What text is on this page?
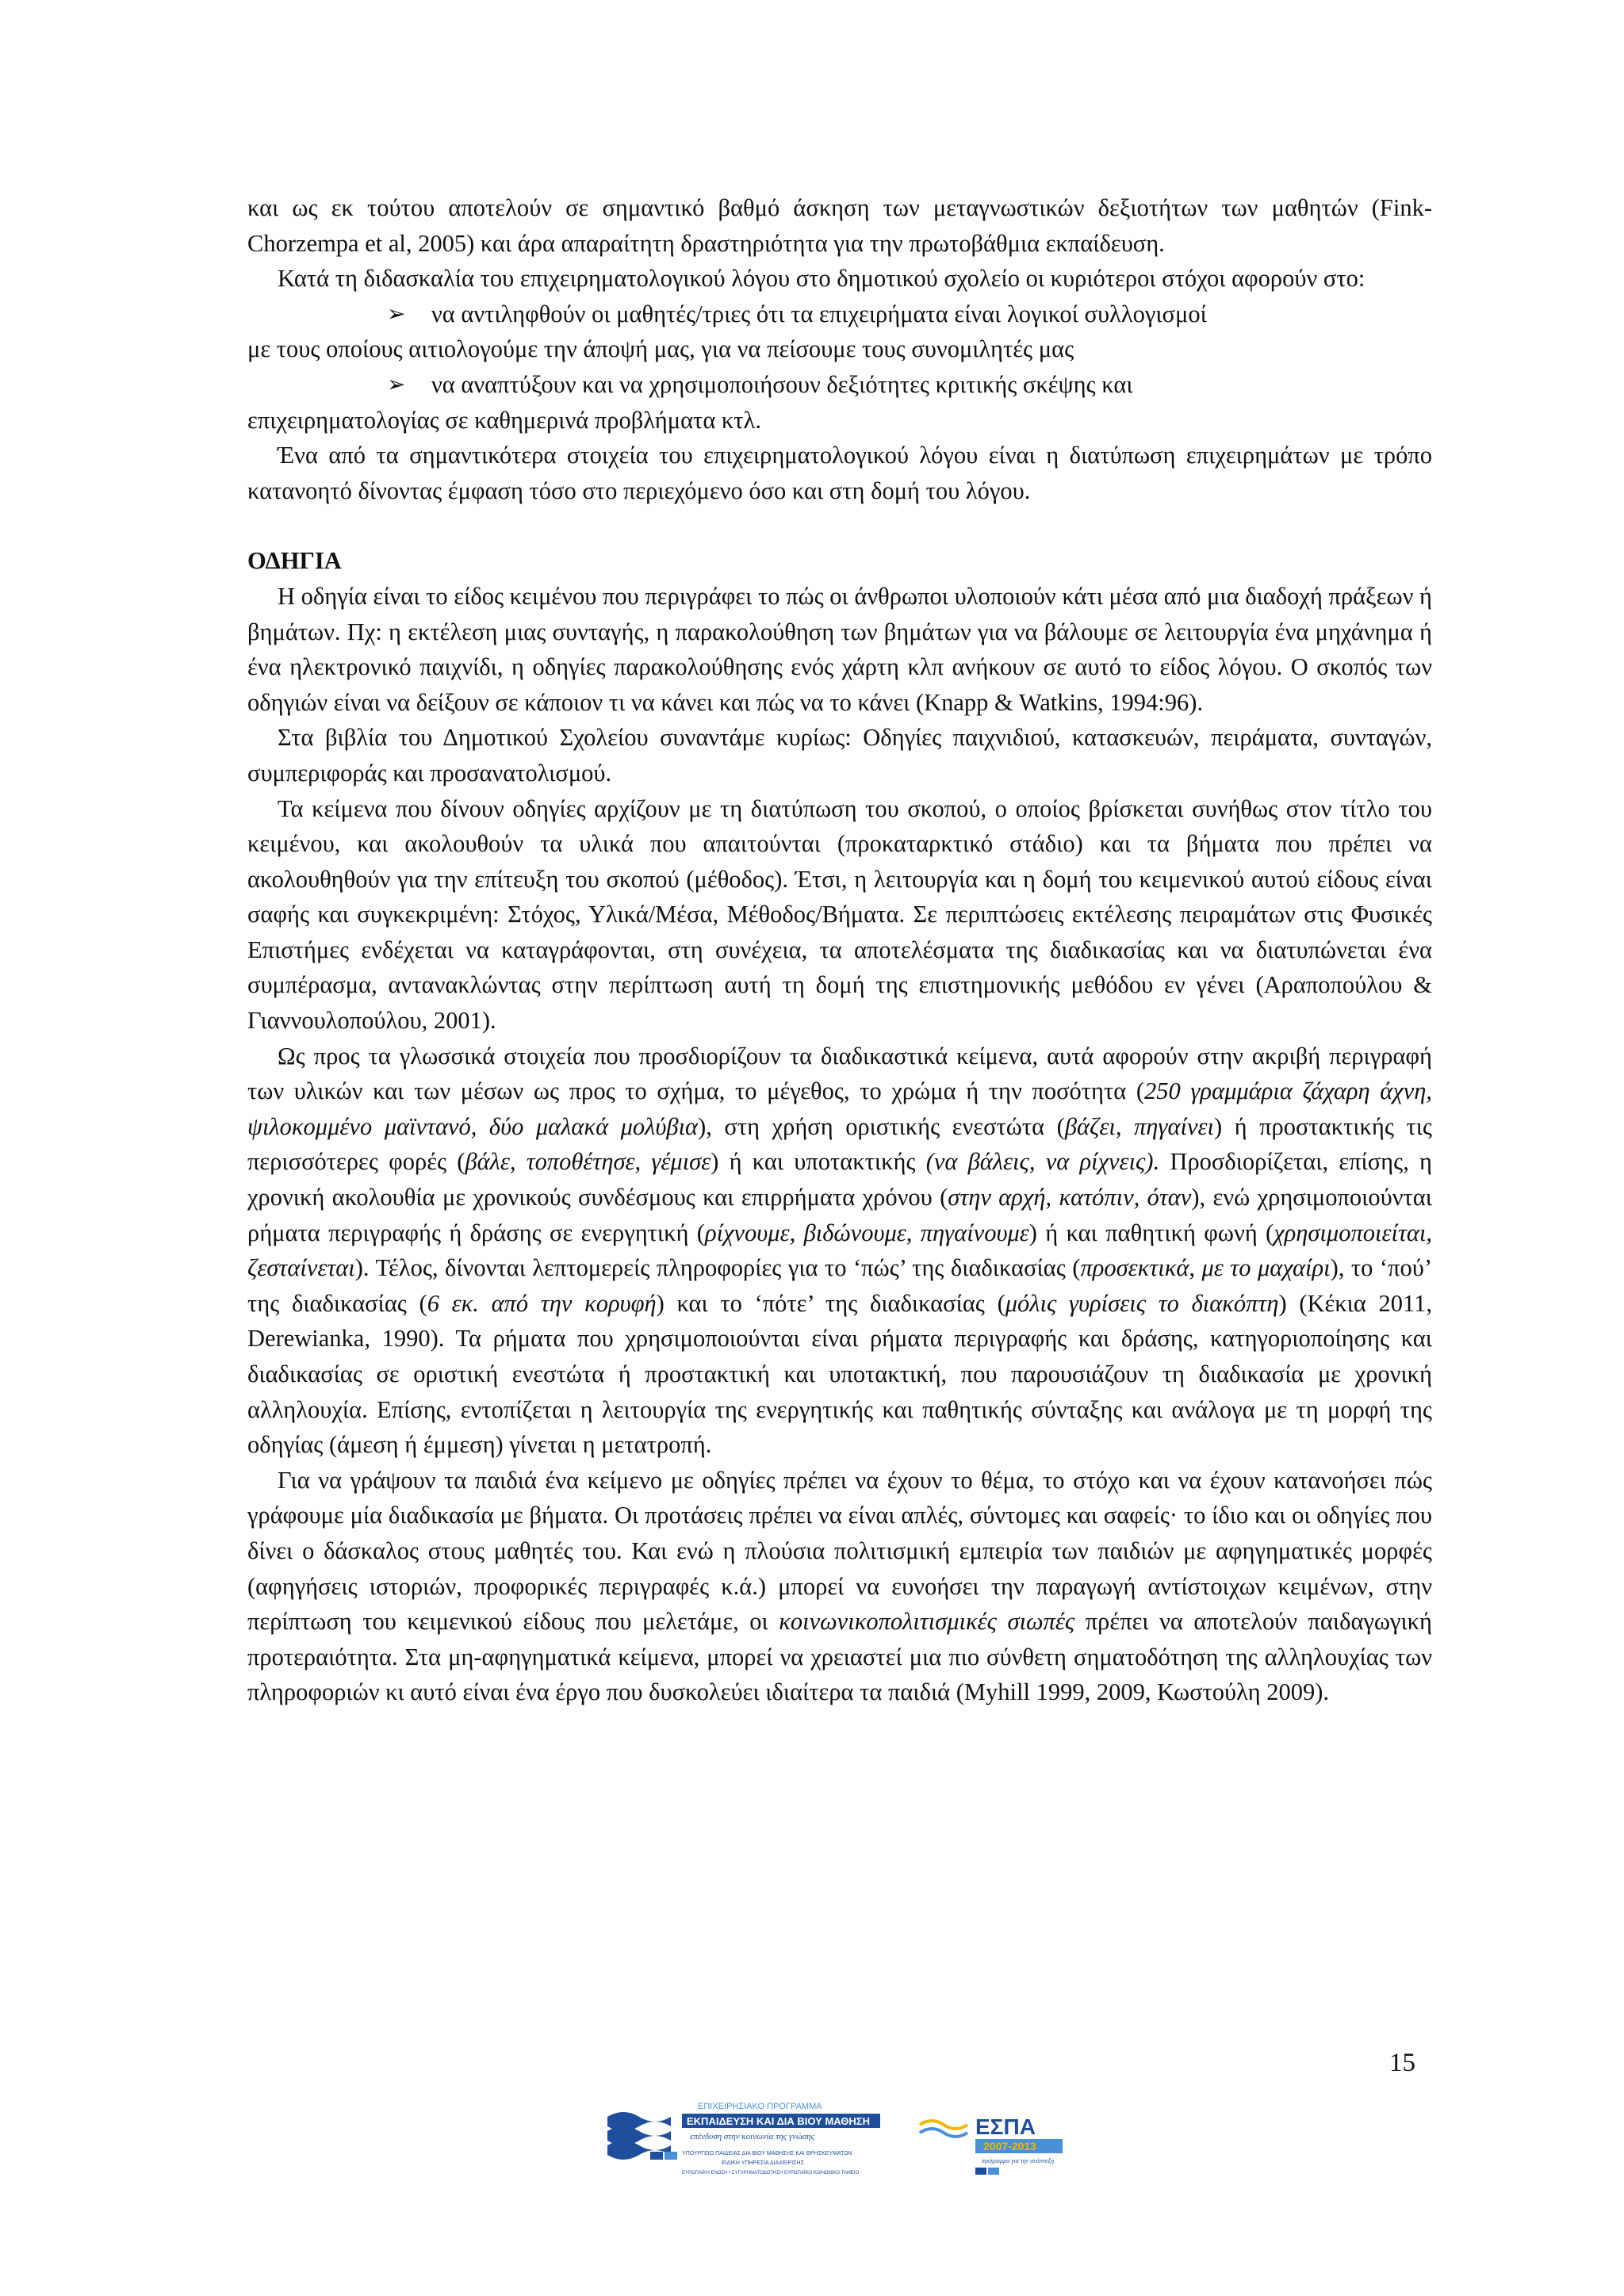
και ως εκ τούτου αποτελούν σε σημαντικό βαθμό άσκηση των μεταγνωστικών δεξιοτήτων των μαθητών (Fink-Chorzempa et al, 2005) και άρα απαραίτητη δραστηριότητα για την πρωτοβάθμια εκπαίδευση.

Κατά τη διδασκαλία του επιχειρηματολογικού λόγου στο δημοτικού σχολείο οι κυριότεροι στόχοι αφορούν στο:

➢	να αντιληφθούν οι μαθητές/τριες ότι τα επιχειρήματα είναι λογικοί συλλογισμοί

με τους οποίους αιτιολογούμε την άποψή μας, για να πείσουμε τους συνομιλητές μας

➢	να αναπτύξουν και να χρησιμοποιήσουν δεξιότητες κριτικής σκέψης και

επιχειρηματολογίας σε καθημερινά προβλήματα κτλ.

Ένα από τα σημαντικότερα στοιχεία του επιχειρηματολογικού λόγου είναι η διατύπωση επιχειρημάτων με τρόπο κατανοητό δίνοντας έμφαση τόσο στο περιεχόμενο όσο και στη δομή του λόγου.

ΟΔΗΓΙΑ

Η οδηγία είναι το είδος κειμένου που περιγράφει το πώς οι άνθρωποι υλοποιούν κάτι μέσα από μια διαδοχή πράξεων ή βημάτων. Πχ: η εκτέλεση μιας συνταγής, η παρακολούθηση των βημάτων για να βάλουμε σε λειτουργία ένα μηχάνημα ή ένα ηλεκτρονικό παιχνίδι, η οδηγίες παρακολούθησης ενός χάρτη κλπ ανήκουν σε αυτό το είδος λόγου. Ο σκοπός των οδηγιών είναι να δείξουν σε κάποιον τι να κάνει και πώς να το κάνει (Knapp & Watkins, 1994:96).

Στα βιβλία του Δημοτικού Σχολείου συναντάμε κυρίως: Οδηγίες παιχνιδιού, κατασκευών, πειράματα, συνταγών, συμπεριφοράς και προσανατολισμού.

Τα κείμενα που δίνουν οδηγίες αρχίζουν με τη διατύπωση του σκοπού, ο οποίος βρίσκεται συνήθως στον τίτλο του κειμένου, και ακολουθούν τα υλικά που απαιτούνται (προκαταρκτικό στάδιο) και τα βήματα που πρέπει να ακολουθηθούν για την επίτευξη του σκοπού (μέθοδος). Έτσι, η λειτουργία και η δομή του κειμενικού αυτού είδους είναι σαφής και συγκεκριμένη: Στόχος, Υλικά/Μέσα, Μέθοδος/Βήματα. Σε περιπτώσεις εκτέλεσης πειραμάτων στις Φυσικές Επιστήμες ενδέχεται να καταγράφονται, στη συνέχεια, τα αποτελέσματα της διαδικασίας και να διατυπώνεται ένα συμπέρασμα, αντανακλώντας στην περίπτωση αυτή τη δομή της επιστημονικής μεθόδου εν γένει (Αραποπούλου & Γιαννουλοπούλου, 2001).

Ως προς τα γλωσσικά στοιχεία που προσδιορίζουν τα διαδικαστικά κείμενα, αυτά αφορούν στην ακριβή περιγραφή των υλικών και των μέσων ως προς το σχήμα, το μέγεθος, το χρώμα ή την ποσότητα (250 γραμμάρια ζάχαρη άχνη, ψιλοκομμένο μαϊντανό, δύο μαλακά μολύβια), στη χρήση οριστικής ενεστώτα (βάζει, πηγαίνει) ή προστακτικής τις περισσότερες φορές (βάλε, τοποθέτησε, γέμισε) ή και υποτακτικής (να βάλεις, να ρίχνεις). Προσδιορίζεται, επίσης, η χρονική ακολουθία με χρονικούς συνδέσμους και επιρρήματα χρόνου (στην αρχή, κατόπιν, όταν), ενώ χρησιμοποιούνται ρήματα περιγραφής ή δράσης σε ενεργητική (ρίχνουμε, βιδώνουμε, πηγαίνουμε) ή και παθητική φωνή (χρησιμοποιείται, ζεσταίνεται). Τέλος, δίνονται λεπτομερείς πληροφορίες για το ‘πώς’ της διαδικασίας (προσεκτικά, με το μαχαίρι), το ‘πού’ της διαδικασίας (6 εκ. από την κορυφή) και το ‘πότε’ της διαδικασίας (μόλις γυρίσεις το διακόπτη) (Κέκια 2011, Derewianka, 1990). Τα ρήματα που χρησιμοποιούνται είναι ρήματα περιγραφής και δράσης, κατηγοριοποίησης και διαδικασίας σε οριστική ενεστώτα ή προστακτική και υποτακτική, που παρουσιάζουν τη διαδικασία με χρονική αλληλουχία. Επίσης, εντοπίζεται η λειτουργία της ενεργητικής και παθητικής σύνταξης και ανάλογα με τη μορφή της οδηγίας (άμεση ή έμμεση) γίνεται η μετατροπή.

Για να γράψουν τα παιδιά ένα κείμενο με οδηγίες πρέπει να έχουν το θέμα, το στόχο και να έχουν κατανοήσει πώς γράφουμε μία διαδικασία με βήματα. Οι προτάσεις πρέπει να είναι απλές, σύντομες και σαφείς· το ίδιο και οι οδηγίες που δίνει ο δάσκαλος στους μαθητές του. Και ενώ η πλούσια πολιτισμική εμπειρία των παιδιών με αφηγηματικές μορφές (αφηγήσεις ιστοριών, προφορικές περιγραφές κ.ά.) μπορεί να ευνοήσει την παραγωγή αντίστοιχων κειμένων, στην περίπτωση του κειμενικού είδους που μελετάμε, οι κοινωνικοπολιτισμικές σιωπές πρέπει να αποτελούν παιδαγωγική προτεραιότητα. Στα μη-αφηγηματικά κείμενα, μπορεί να χρειαστεί μια πιο σύνθετη σηματοδότηση της αλληλουχίας των πληροφοριών κι αυτό είναι ένα έργο που δυσκολεύει ιδιαίτερα τα παιδιά (Myhill 1999, 2009, Κωστούλη 2009).

15
ΕΠΙΧΕΙΡΗΣΙΑΚΟ ΠΡΟΓΡΑΜΜΑ
ΕΚΠΑΙΔΕΥΣΗ ΚΑΙ ΔΙΑ ΒΙΟΥ ΜΑΘΗΣΗ
επένδυση στην κοινωνία της γνώσης
ΥΠΟΥΡΓΕΙΟ ΠΑΙΔΕΙΑΣ ΔΙΑ ΒΙΟΥ ΜΑΘΗΣΗΣ ΚΑΙ ΘΡΗΣΚΕΥΜΑΤΩΝ
ΕΙΔΙΚΗ ΥΠΗΡΕΣΙΑ ΔΙΑΧΕΙΡΙΣΗΣ
ΕΥΡΩΠΑΪΚΗ ΕΝΩΣΗ • ΣΥΓΧΡΗΜΑΤΟΔΟΤΗΣΗ ΕΥΡΩΠΑΪΚΟ ΚΟΙΝΩΝΙΚΟ ΤΑΜΕΙΟ
ΕΣΠΑ
2007-2013
πρόγραμμα για την ανάπτυξη
